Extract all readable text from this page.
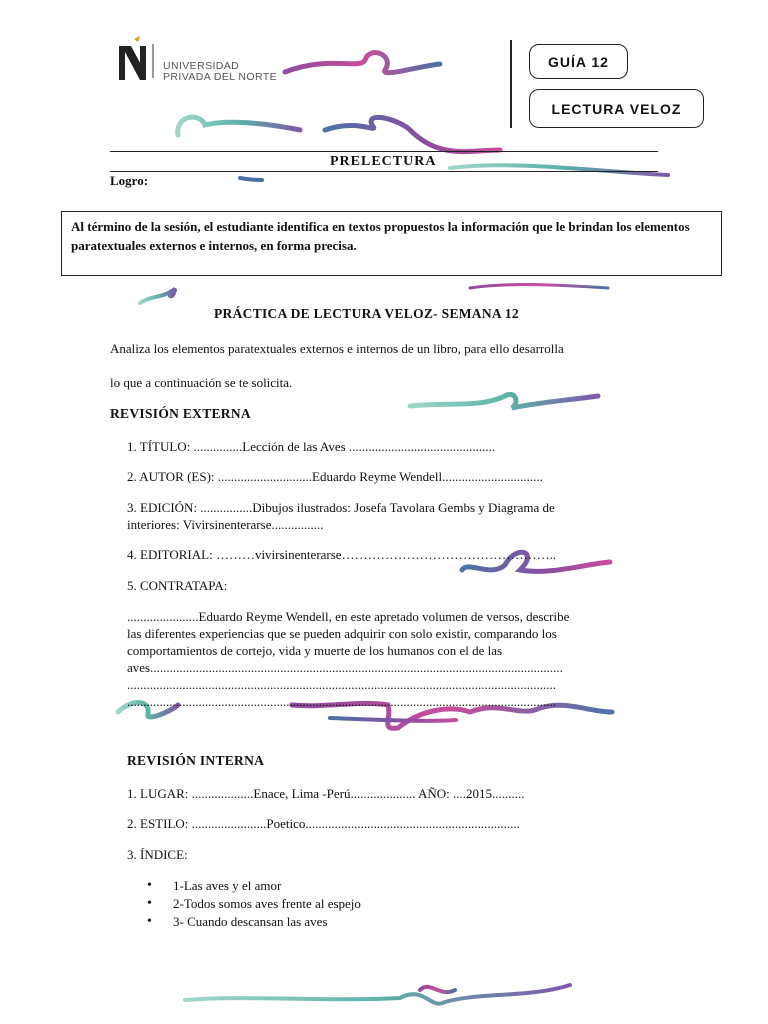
UNIVERSIDAD
PRIVADA DEL NORTE
GUÍA 12
LECTURA VELOZ
PRELECTURA
Logro:
Al término de la sesión, el estudiante identifica en textos propuestos la información que le brindan los elementos paratextuales externos e internos, en forma precisa.
PRÁCTICA DE LECTURA VELOZ- SEMANA 12
Analiza los elementos paratextuales externos e internos de un libro, para ello desarrolla
lo que a continuación se te solicita.
REVISIÓN EXTERNA
1. TÍTULO: ...............Lección de las Aves .............................................
2. AUTOR (ES): .............................Eduardo Reyme Wendell...............................
3. EDICIÓN: ................Dibujos ilustrados: Josefa Tavolara Gembs y Diagrama de
interiores: Vivirsinenterarse................
4. EDITORIAL: ………vivirsinenterarse…………………………………………..
5. CONTRATAPA:
......................Eduardo Reyme Wendell, en este apretado volumen de versos, describe
las diferentes experiencias que se pueden adquirir con solo existir, comparando los
comportamientos de cortejo, vida y muerte de los humanos con el de las
aves...............................................................................................................................
....................................................................................................................................
....................................................................................................................................
REVISIÓN INTERNA
1. LUGAR: ...................Enace, Lima -Perú.................... AÑO: ....2015..........
2. ESTILO: .......................Poetico..................................................................
3. ÍNDICE:
• 1-Las aves y el amor
• 2-Todos somos aves frente al espejo
• 3- Cuando descansan las aves
